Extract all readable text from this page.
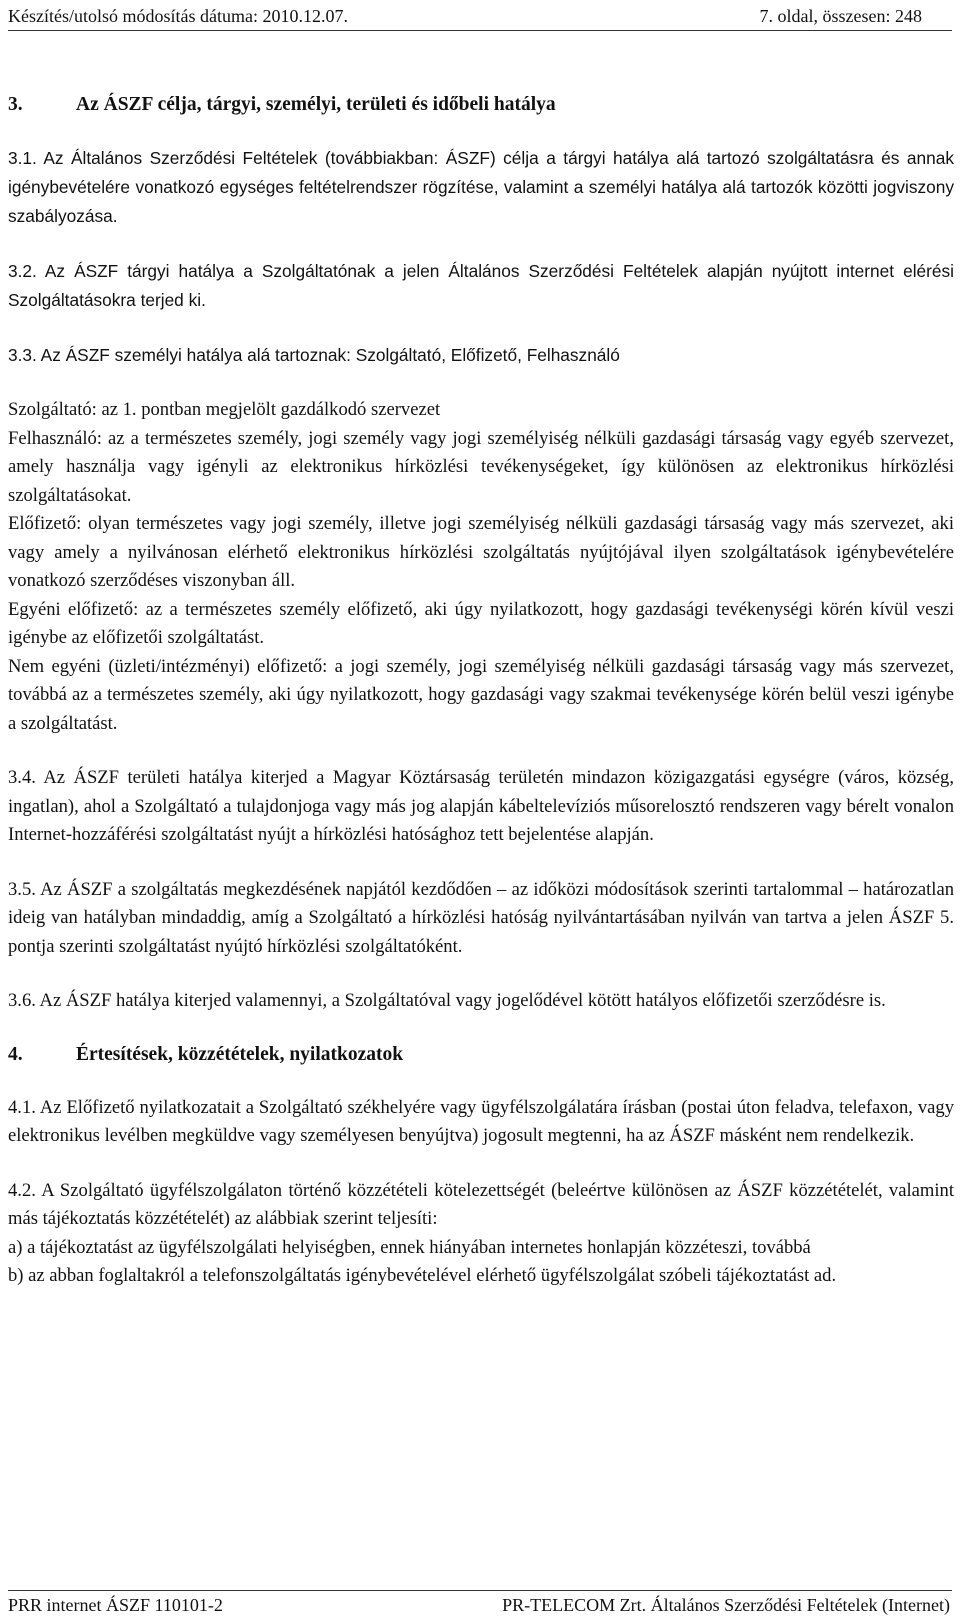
Készítés/utolsó módosítás dátuma: 2010.12.07.	7. oldal, összesen: 248
3.	Az ÁSZF célja, tárgyi, személyi, területi és időbeli hatálya

3.1. Az Általános Szerződési Feltételek (továbbiakban: ÁSZF) célja a tárgyi hatálya alá tartozó szolgáltatásra és annak igénybevételére vonatkozó egységes feltételrendszer rögzítése, valamint a személyi hatálya alá tartozók közötti jogviszony szabályozása.

3.2. Az ÁSZF tárgyi hatálya a Szolgáltatónak a jelen Általános Szerződési Feltételek alapján nyújtott internet elérési Szolgáltatásokra terjed ki.

3.3. Az ÁSZF személyi hatálya alá tartoznak: Szolgáltató, Előfizető, Felhasználó

Szolgáltató: az 1. pontban megjelölt gazdálkodó szervezet

Felhasználó: az a természetes személy, jogi személy vagy jogi személyiség nélküli gazdasági társaság vagy egyéb szervezet, amely használja vagy igényli az elektronikus hírközlési tevékenységeket, így különösen az elektronikus hírközlési szolgáltatásokat.

Előfizető: olyan természetes vagy jogi személy, illetve jogi személyiség nélküli gazdasági társaság vagy más szervezet, aki vagy amely a nyilvánosan elérhető elektronikus hírközlési szolgáltatás nyújtójával ilyen szolgáltatások igénybevételére vonatkozó szerződéses viszonyban áll.

Egyéni előfizető: az a természetes személy előfizető, aki úgy nyilatkozott, hogy gazdasági tevékenységi körén kívül veszi igénybe az előfizetői szolgáltatást.

Nem egyéni (üzleti/intézményi) előfizető: a jogi személy, jogi személyiség nélküli gazdasági társaság vagy más szervezet, továbbá az a természetes személy, aki úgy nyilatkozott, hogy gazdasági vagy szakmai tevékenysége körén belül veszi igénybe a szolgáltatást.

3.4. Az ÁSZF területi hatálya kiterjed a Magyar Köztársaság területén mindazon közigazgatási egységre (város, község, ingatlan), ahol a Szolgáltató a tulajdonjoga vagy más jog alapján kábeltelevíziós műsorelosztó rendszeren vagy bérelt vonalon Internet-hozzáférési szolgáltatást nyújt a hírközlési hatósághoz tett bejelentése alapján.

3.5. Az ÁSZF a szolgáltatás megkezdésének napjától kezdődően – az időközi módosítások szerinti tartalommal – határozatlan ideig van hatályban mindaddig, amíg a Szolgáltató a hírközlési hatóság nyilvántartásában nyilván van tartva a jelen ÁSZF 5. pontja szerinti szolgáltatást nyújtó hírközlési szolgáltatóként.

3.6. Az ÁSZF hatálya kiterjed valamennyi, a Szolgáltatóval vagy jogelődével kötött hatályos előfizetői szerződésre is.

4.	Értesítések, közzétételek, nyilatkozatok

4.1. Az Előfizető nyilatkozatait a Szolgáltató székhelyére vagy ügyfélszolgálatára írásban (postai úton feladva, telefaxon, vagy elektronikus levélben megküldve vagy személyesen benyújtva) jogosult megtenni, ha az ÁSZF másként nem rendelkezik.

4.2. A Szolgáltató ügyfélszolgálaton történő közzétételi kötelezettségét (beleértve különösen az ÁSZF közzétételét, valamint más tájékoztatás közzétételét) az alábbiak szerint teljesíti:

a) a tájékoztatást az ügyfélszolgálati helyiségben, ennek hiányában internetes honlapján közzéteszi, továbbá

b) az abban foglaltakról a telefonszolgáltatás igénybevételével elérhető ügyfélszolgálat szóbeli tájékoztatást ad.

PRR internet ÁSZF 110101-2	PR-TELECOM Zrt. Általános Szerződési Feltételek (Internet)
